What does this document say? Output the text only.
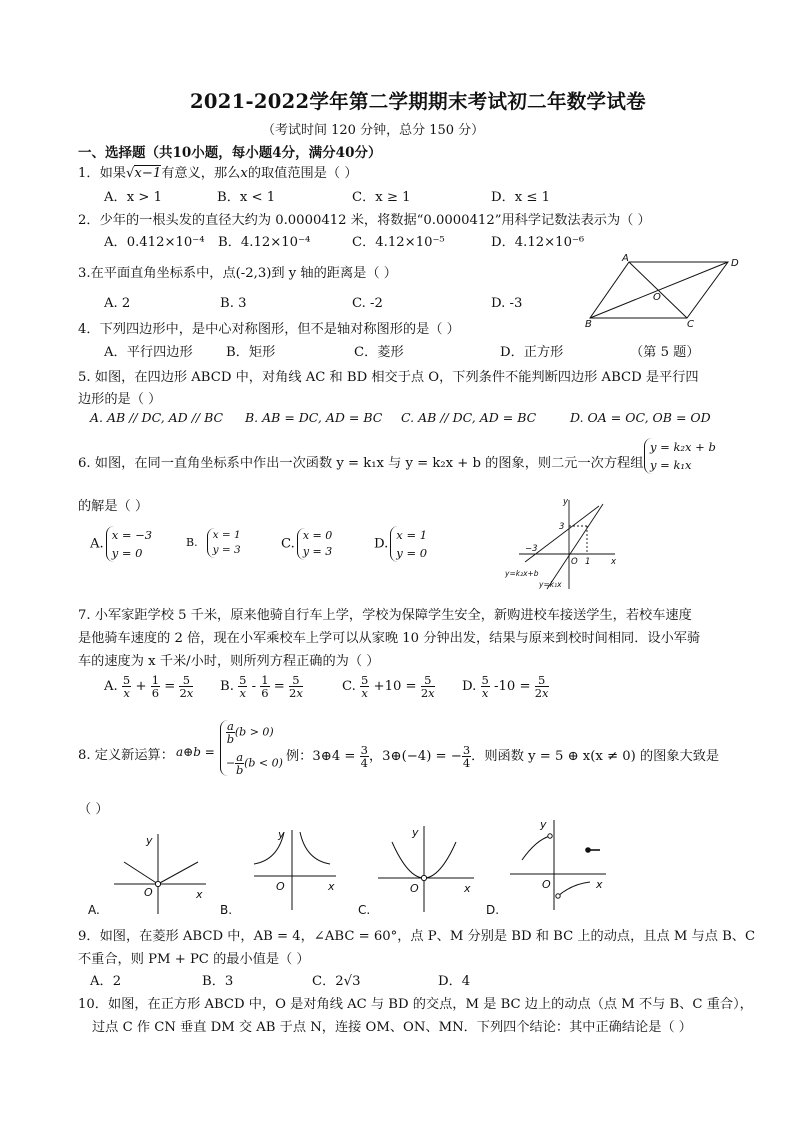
2021-2022学年第二学期期末考试初二年数学试卷
（考试时间 120 分钟，总分 150 分）
一、选择题（共10小题，每小题4分，满分40分）
1．如果√x−1有意义，那么x的取值范围是（ ）
A．x > 1	B．x < 1	C．x ≥ 1	D．x ≤ 1
2．少年的一根头发的直径大约为 0.0000412 米，将数据“0.0000412”用科学记数法表示为（ ）
A．0.412×10⁻⁴ B．4.12×10⁻⁴	C．4.12×10⁻⁵	D．4.12×10⁻⁶
3.在平面直角坐标系中，点(-2,3)到 y 轴的距离是（ ）
A. 2	B. 3	C. -2	D. -3
A	D
B	C
O
4．下列四边形中，是中心对称图形，但不是轴对称图形的是（ ）
A．平行四边形	B．矩形	C．菱形	D．正方形	（第 5 题）
5. 如图，在四边形 ABCD 中，对角线 AC 和 BD 相交于点 O，下列条件不能判断四边形 ABCD 是平行四
边形的是（ ）
A. AB // DC, AD // BC B. AB = DC, AD = BC C. AB // DC, AD = BC	D. OA = OC, OB = OD
6. 如图，在同一直角坐标系中作出一次函数 y = k₁x 与 y = k₂x + b 的图象，则二元一次方程组
y = k₂x + b
y = k₁x
的解是（ ）
A.
x = −3
y = 0
B.
x = 1
y = 3	C.
x = 0
y = 3	D.
x = 1
y = 0
3
−3
O 1 x
y
y=k₂x+b
y=k₁x
7. 小军家距学校 5 千米，原来他骑自行车上学，学校为保障学生安全，新购进校车接送学生，若校车速度
是他骑车速度的 2 倍，现在小军乘校车上学可以从家晚 10 分钟出发，结果与原来到校时间相同．设小军骑
车的速度为 x 千米/小时，则所列方程正确的为（ ）
A. $\frac{5}{x} + \frac{1}{6} = \frac{5}{2x} B$. $\frac{5}{x} - \frac{1}{6} = \frac{5}{2x}$	C. $\frac{5}{x} +10 = \frac{5}{2x} D$. $\frac{5}{x} -10 = \frac{5}{2x}$
8. 定义新运算： a⊕b =
$\frac{a}{b} (b > 0)$
− $\frac{a}{b} (b < 0)$ 例：3⊕4 = $\frac{3}{4}$ ，3⊕(−4) = − $\frac{3}{4}$ ．则函数 y = 5 ⊕ x(x ≠ 0) 的图象大致是
（ ）
y
x
O
A.
y
x
O
B.
y
x
O
C.
y
x
O
D.
9．如图，在菱形 ABCD 中，AB = 4，∠ABC = 60°，点 P、M 分别是 BD 和 BC 上的动点，且点 M 与点 B、C
不重合，则 PM + PC 的最小值是（ ）
A．2	B．3	C．2√3	D．4
10．如图，在正方形 ABCD 中，O 是对角线 AC 与 BD 的交点，M 是 BC 边上的动点（点 M 不与 B、C 重合），
过点 C 作 CN 垂直 DM 交 AB 于点 N，连接 OM、ON、MN．下列四个结论：其中正确结论是（ ）
